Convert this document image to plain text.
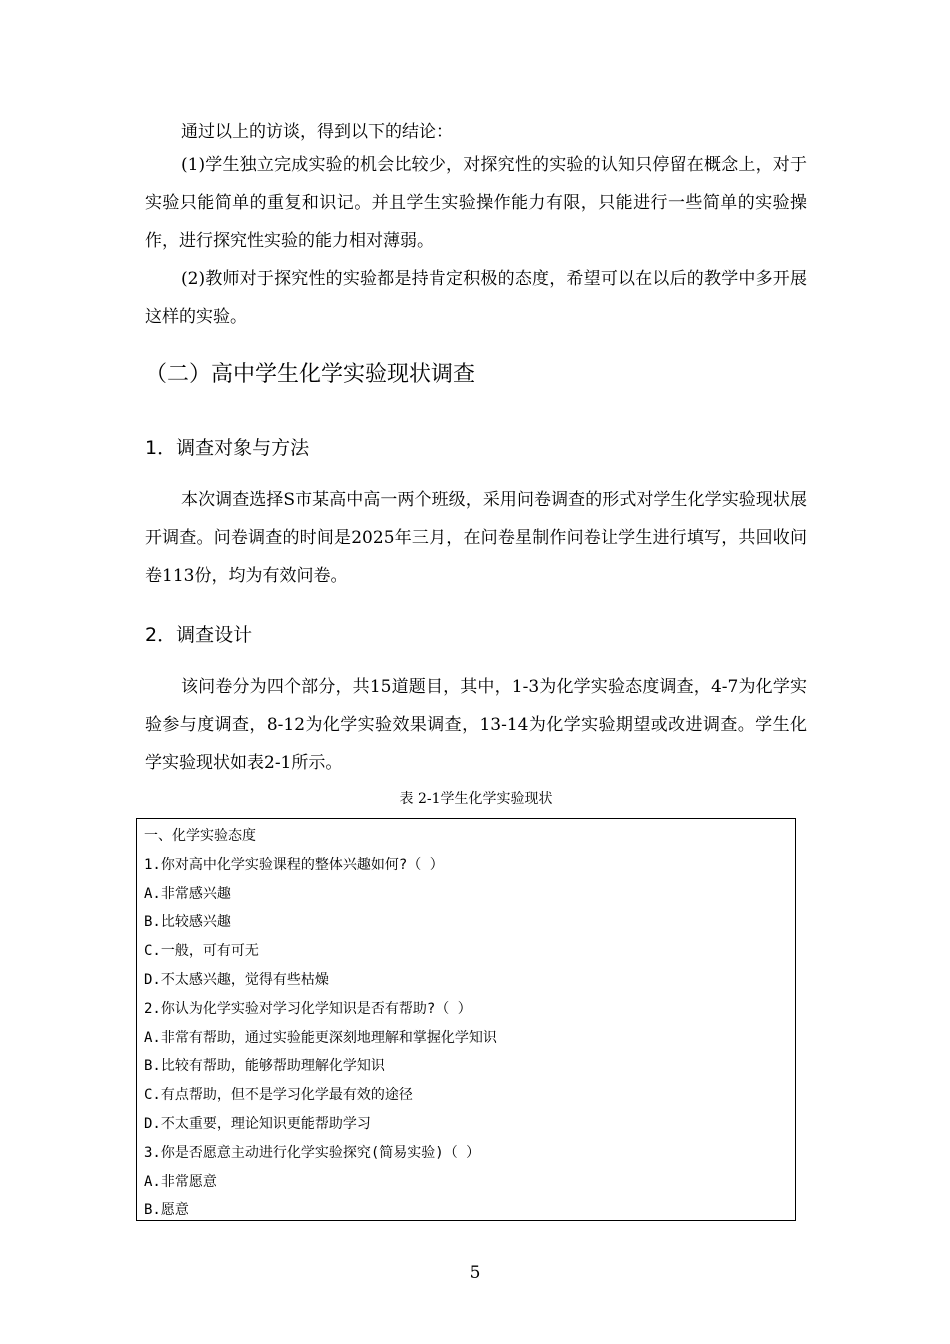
通过以上的访谈，得到以下的结论：

(1)学生独立完成实验的机会比较少，对探究性的实验的认知只停留在概念上，对于实验只能简单的重复和识记。并且学生实验操作能力有限，只能进行一些简单的实验操作，进行探究性实验的能力相对薄弱。

(2)教师对于探究性的实验都是持肯定积极的态度，希望可以在以后的教学中多开展这样的实验。

（二）高中学生化学实验现状调查
1．调查对象与方法

本次调查选择S市某高中高一两个班级，采用问卷调查的形式对学生化学实验现状展开调查。问卷调查的时间是2025年三月，在问卷星制作问卷让学生进行填写，共回收问卷113份，均为有效问卷。

2．调查设计

该问卷分为四个部分，共15道题目，其中，1-3为化学实验态度调查，4-7为化学实验参与度调查，8-12为化学实验效果调查，13-14为化学实验期望或改进调查。学生化学实验现状如表2-1所示。

表 2-1学生化学实验现状

一、化学实验态度
1.你对高中化学实验课程的整体兴趣如何?（ ）
A.非常感兴趣
B.比较感兴趣
C.一般，可有可无
D.不太感兴趣，觉得有些枯燥
2.你认为化学实验对学习化学知识是否有帮助?（ ）
A.非常有帮助，通过实验能更深刻地理解和掌握化学知识
B.比较有帮助，能够帮助理解化学知识
C.有点帮助，但不是学习化学最有效的途径
D.不太重要，理论知识更能帮助学习
3.你是否愿意主动进行化学实验探究(简易实验)（ ）
A.非常愿意
B.愿意

5
